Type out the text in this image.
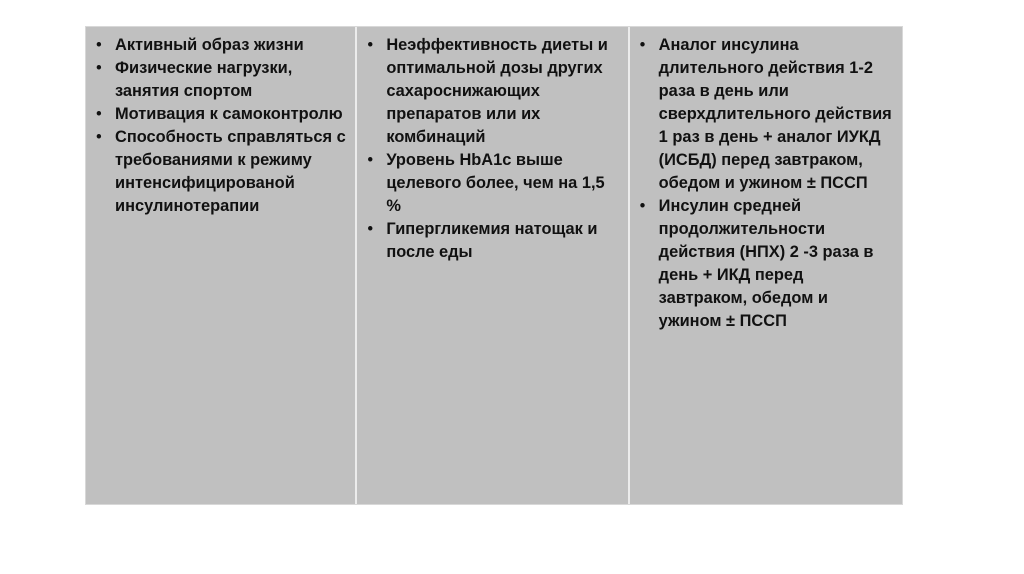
• Активный образ жизни
• Физические нагрузки, занятия спортом
• Мотивация к самоконтролю
• Способность справляться с требованиями к режиму интенсифицированой инсулинотерапии
• Неэффективность диеты и оптимальной дозы других сахароснижающих препаратов или их комбинаций
• Уровень HbA1c выше целевого более, чем на 1,5 %
• Гипергликемия натощак и после еды
• Аналог инсулина длительного действия 1-2 раза в день или сверхдлительного действия 1 раз в день + аналог ИУКД (ИСБД) перед завтраком, обедом и ужином ± ПССП
• Инсулин средней продолжительности действия (НПХ) 2 -3 раза в день + ИКД перед завтраком, обедом и ужином ± ПССП
